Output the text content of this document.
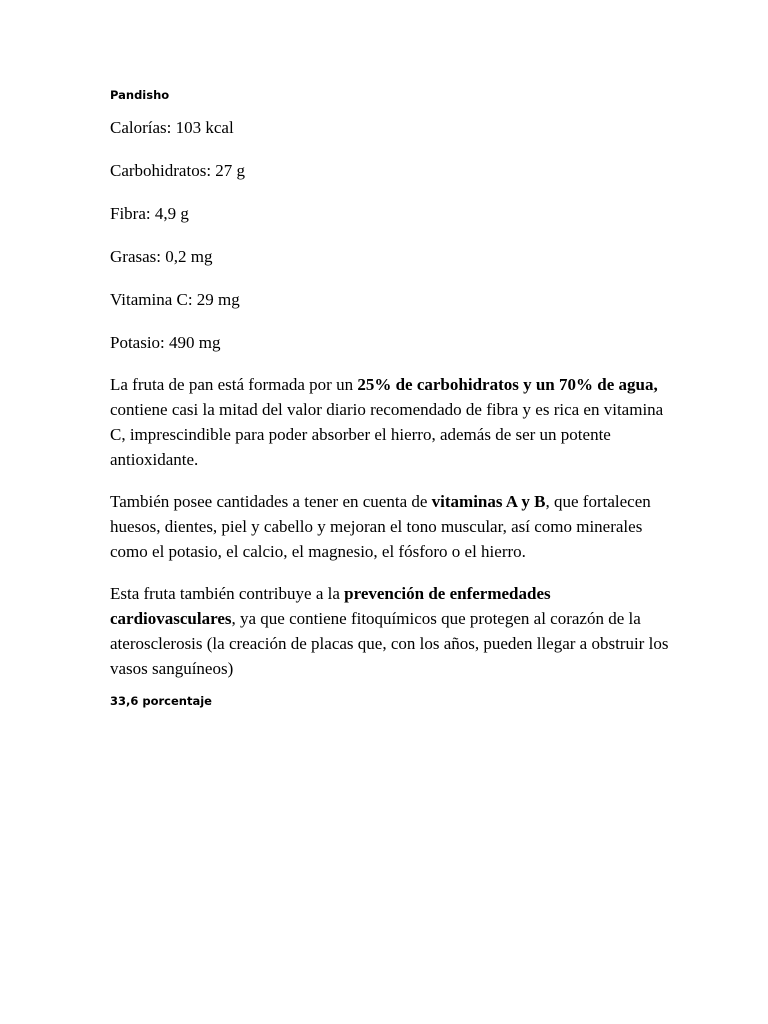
Pandisho

Calorías: 103 kcal

Carbohidratos: 27 g

Fibra: 4,9 g

Grasas: 0,2 mg

Vitamina C: 29 mg

Potasio: 490 mg

La fruta de pan está formada por un 25% de carbohidratos y un 70% de agua, contiene casi la mitad del valor diario recomendado de fibra y es rica en vitamina C, imprescindible para poder absorber el hierro, además de ser un potente antioxidante.

También posee cantidades a tener en cuenta de vitaminas A y B, que fortalecen huesos, dientes, piel y cabello y mejoran el tono muscular, así como minerales como el potasio, el calcio, el magnesio, el fósforo o el hierro.

Esta fruta también contribuye a la prevención de enfermedades cardiovasculares, ya que contiene fitoquímicos que protegen al corazón de la aterosclerosis (la creación de placas que, con los años, pueden llegar a obstruir los vasos sanguíneos)

33,6 porcentaje
